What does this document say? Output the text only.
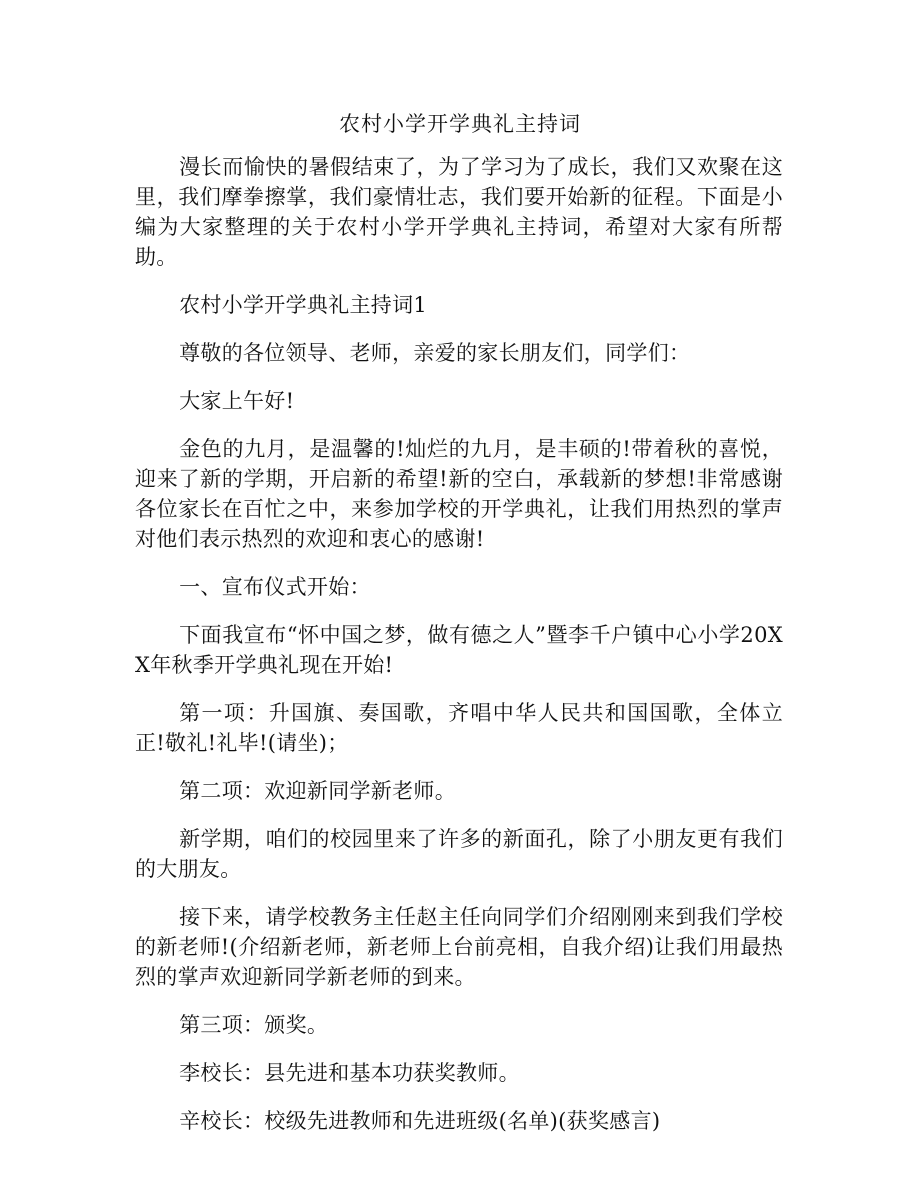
农村小学开学典礼主持词

漫长而愉快的暑假结束了，为了学习为了成长，我们又欢聚在这里，我们摩拳擦掌，我们豪情壮志，我们要开始新的征程。下面是小编为大家整理的关于农村小学开学典礼主持词，希望对大家有所帮助。

农村小学开学典礼主持词1

尊敬的各位领导、老师，亲爱的家长朋友们，同学们：

大家上午好!

金色的九月，是温馨的!灿烂的九月，是丰硕的!带着秋的喜悦，迎来了新的学期，开启新的希望!新的空白，承载新的梦想!非常感谢各位家长在百忙之中，来参加学校的开学典礼，让我们用热烈的掌声对他们表示热烈的欢迎和衷心的感谢!

一、宣布仪式开始：

下面我宣布“怀中国之梦，做有德之人”暨李千户镇中心小学20XX年秋季开学典礼现在开始!

第一项：升国旗、奏国歌，齐唱中华人民共和国国歌，全体立正!敬礼!礼毕!(请坐)；

第二项：欢迎新同学新老师。

新学期，咱们的校园里来了许多的新面孔，除了小朋友更有我们的大朋友。

接下来，请学校教务主任赵主任向同学们介绍刚刚来到我们学校的新老师!(介绍新老师，新老师上台前亮相，自我介绍)让我们用最热烈的掌声欢迎新同学新老师的到来。

第三项：颁奖。

李校长：县先进和基本功获奖教师。

辛校长：校级先进教师和先进班级(名单)(获奖感言)
